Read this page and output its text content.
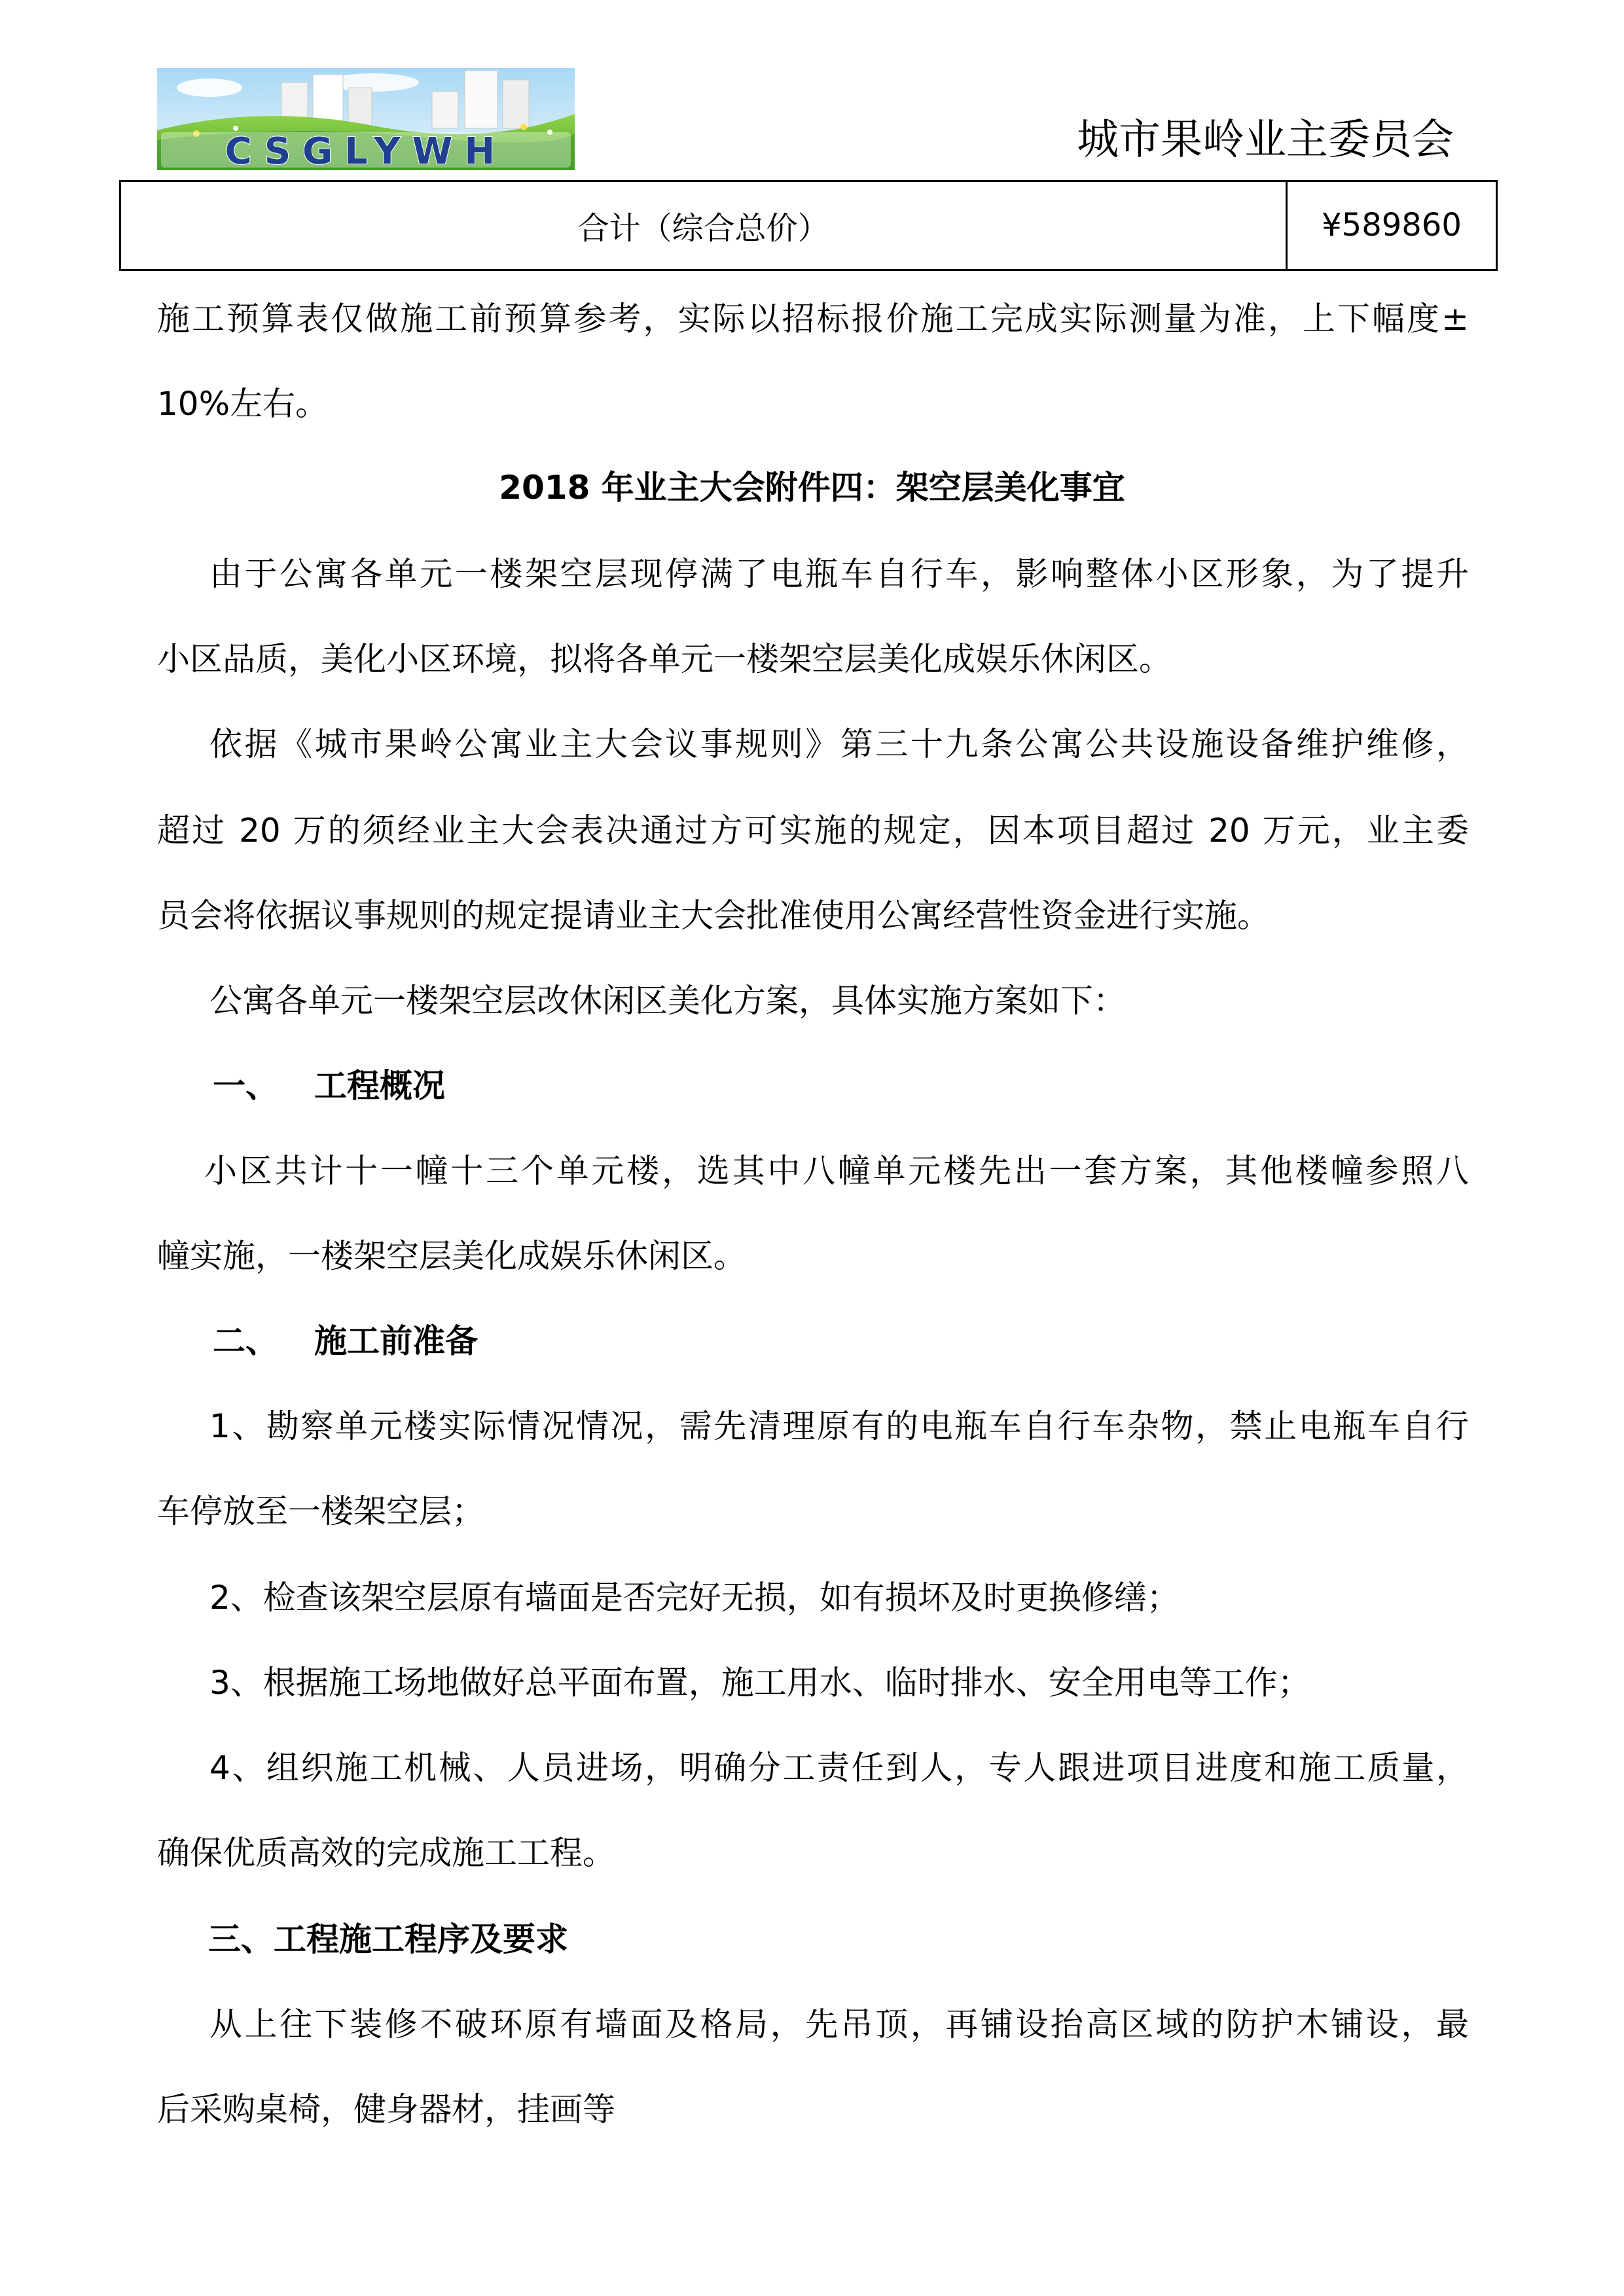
CSGLYWH	城市果岭业主委员会
合计（综合总价）	¥589860
施工预算表仅做施工前预算参考，实际以招标报价施工完成实际测量为准，上下幅度±
10%左右。
2018 年业主大会附件四：架空层美化事宜
由于公寓各单元一楼架空层现停满了电瓶车自行车，影响整体小区形象，为了提升
小区品质，美化小区环境，拟将各单元一楼架空层美化成娱乐休闲区。
依据《城市果岭公寓业主大会议事规则》第三十九条公寓公共设施设备维护维修，
超过 20 万的须经业主大会表决通过方可实施的规定，因本项目超过 20 万元，业主委
员会将依据议事规则的规定提请业主大会批准使用公寓经营性资金进行实施。
公寓各单元一楼架空层改休闲区美化方案，具体实施方案如下：
一、 工程概况
小区共计十一幢十三个单元楼，选其中八幢单元楼先出一套方案，其他楼幢参照八
幢实施，一楼架空层美化成娱乐休闲区。
二、 施工前准备
1、勘察单元楼实际情况情况，需先清理原有的电瓶车自行车杂物，禁止电瓶车自行
车停放至一楼架空层；
2、检查该架空层原有墙面是否完好无损，如有损坏及时更换修缮；
3、根据施工场地做好总平面布置，施工用水、临时排水、安全用电等工作；
4、组织施工机械、人员进场，明确分工责任到人，专人跟进项目进度和施工质量，
确保优质高效的完成施工工程。
三、工程施工程序及要求
从上往下装修不破环原有墙面及格局，先吊顶，再铺设抬高区域的防护木铺设，最
后采购桌椅，健身器材，挂画等
